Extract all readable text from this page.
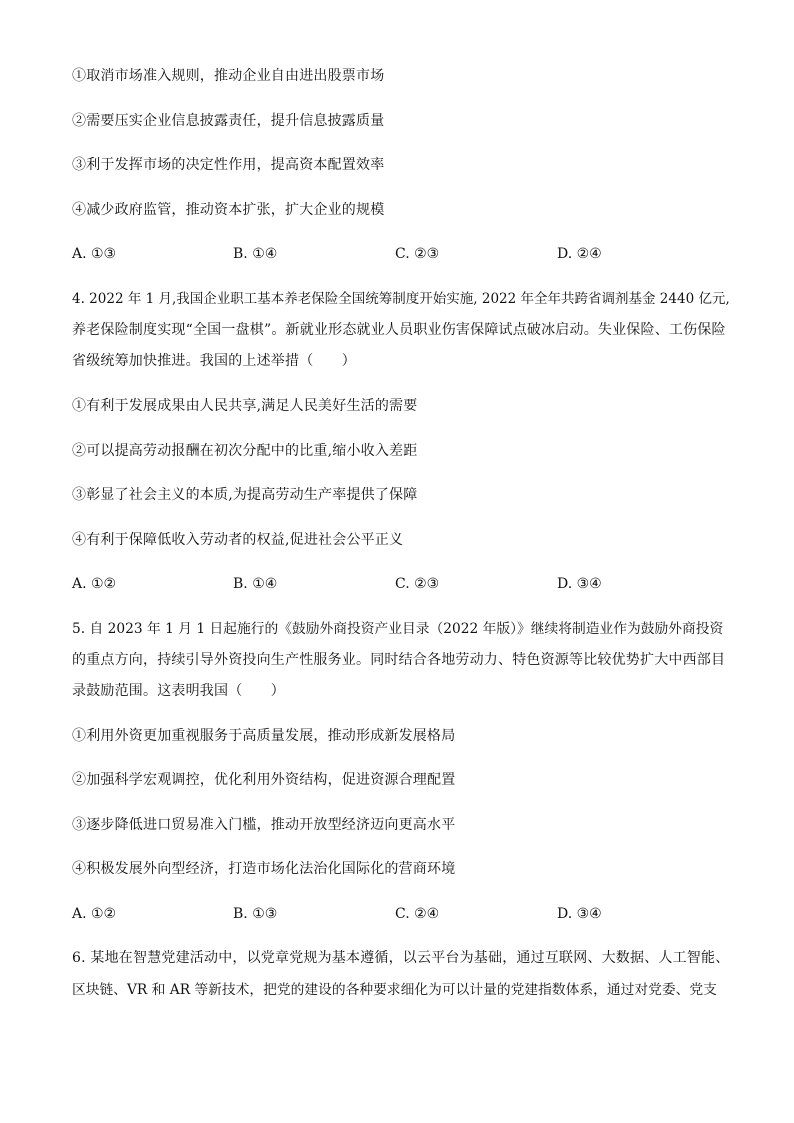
①取消市场准入规则，推动企业自由进出股票市场
②需要压实企业信息披露责任，提升信息披露质量
③利于发挥市场的决定性作用，提高资本配置效率
④减少政府监管，推动资本扩张，扩大企业的规模
A. ①③	B. ①④	C. ②③	D. ②④
4. 2022 年 1 月,我国企业职工基本养老保险全国统筹制度开始实施, 2022 年全年共跨省调剂基金 2440 亿元,
养老保险制度实现“全国一盘棋”。新就业形态就业人员职业伤害保障试点破冰启动。失业保险、工伤保险
省级统筹加快推进。我国的上述举措（　　）
①有利于发展成果由人民共享,满足人民美好生活的需要
②可以提高劳动报酬在初次分配中的比重,缩小收入差距
③彰显了社会主义的本质,为提高劳动生产率提供了保障
④有利于保障低收入劳动者的权益,促进社会公平正义
A. ①②	B. ①④	C. ②③	D. ③④
5. 自 2023 年 1 月 1 日起施行的《鼓励外商投资产业目录（2022 年版）》继续将制造业作为鼓励外商投资
的重点方向，持续引导外资投向生产性服务业。同时结合各地劳动力、特色资源等比较优势扩大中西部目
录鼓励范围。这表明我国（　　）
①利用外资更加重视服务于高质量发展，推动形成新发展格局
②加强科学宏观调控，优化利用外资结构，促进资源合理配置
③逐步降低进口贸易准入门槛，推动开放型经济迈向更高水平
④积极发展外向型经济，打造市场化法治化国际化的营商环境
A. ①②	B. ①③	C. ②④	D. ③④
6. 某地在智慧党建活动中，以党章党规为基本遵循，以云平台为基础，通过互联网、大数据、人工智能、
区块链、VR 和 AR 等新技术，把党的建设的各种要求细化为可以计量的党建指数体系，通过对党委、党支
